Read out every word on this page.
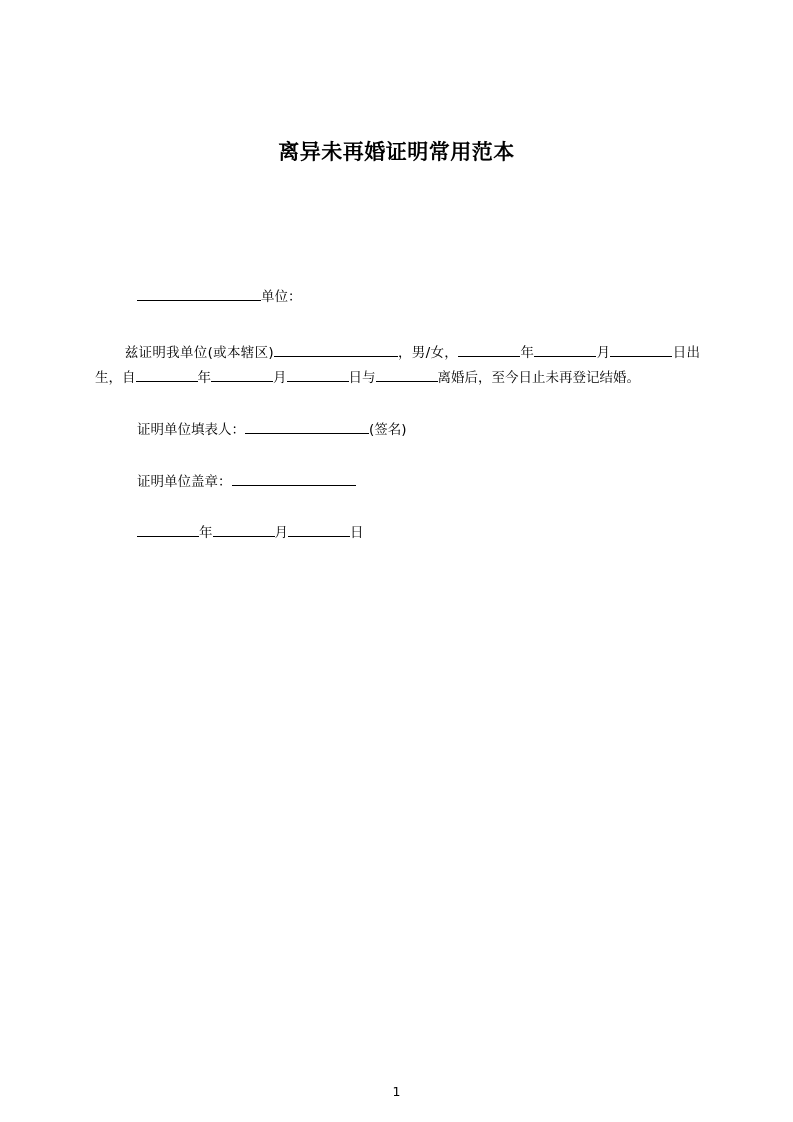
离异未再婚证明常用范本

单位：

兹证明我单位(或本辖区)	，男/女，	年	月	日出生，自	年	月	日与	离婚后，至今日止未再登记结婚。

证明单位填表人：	(签名)

证明单位盖章：

年	月	日

1
